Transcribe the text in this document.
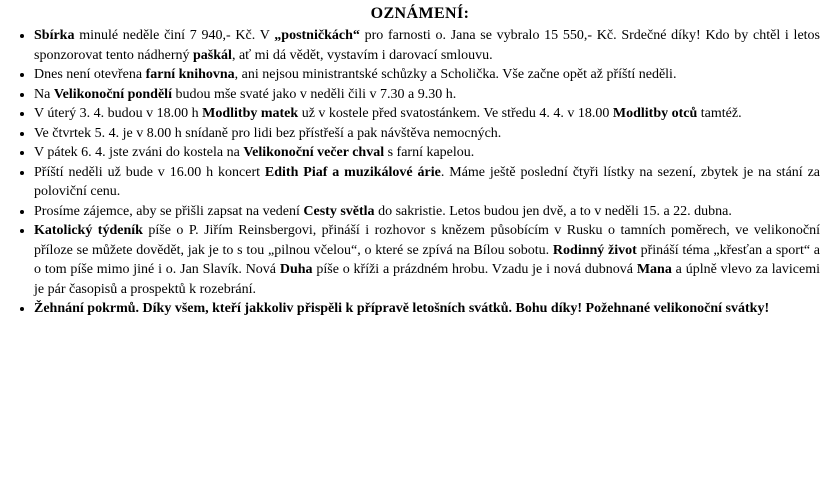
OZNÁMENÍ:
• Sbírka minulé neděle činí 7 940,- Kč. V „postničkách“ pro farnosti o. Jana se vybralo 15 550,- Kč. Srdečné díky! Kdo by chtěl i letos sponzorovat tento nádherný paškál, ať mi dá vědět, vystavím i darovací smlouvu.
• Dnes není otevřena farní knihovna, ani nejsou ministrantské schůzky a Scholička. Vše začne opět až příští neděli.
• Na Velikonoční pondělí budou mše svaté jako v neděli čili v 7.30 a 9.30 h.
• V úterý 3. 4. budou v 18.00 h Modlitby matek už v kostele před svatostánkem. Ve středu 4. 4. v 18.00 Modlitby otců tamtéž.
• Ve čtvrtek 5. 4. je v 8.00 h snídaně pro lidi bez přístřeší a pak návštěva nemocných.
• V pátek 6. 4. jste zváni do kostela na Velikonoční večer chval s farní kapelou.
• Příští neděli už bude v 16.00 h koncert Edith Piaf a muzikálové árie. Máme ještě poslední čtyři lístky na sezení, zbytek je na stání za poloviční cenu.
• Prosíme zájemce, aby se přišli zapsat na vedení Cesty světla do sakristie. Letos budou jen dvě, a to v neděli 15. a 22. dubna.
• Katolický týdeník píše o P. Jiřím Reinsbergovi, přináší i rozhovor s knězem působícím v Rusku o tamních poměrech, ve velikonoční příloze se můžete dovědět, jak je to s tou „pilnou včelou“, o které se zpívá na Bílou sobotu. Rodinný život přináší téma „křesťan a sport“ a o tom píše mimo jiné i o. Jan Slavík. Nová Duha píše o kříži a prázdném hrobu. Vzadu je i nová dubnová Mana a úplně vlevo za lavicemi je pár časopisů a prospektů k rozebrání.
• Žehnání pokrmů. Díky všem, kteří jakkoliv přispěli k přípravě letošních svátků. Bohu díky! Požehnané velikonoční svátky!
